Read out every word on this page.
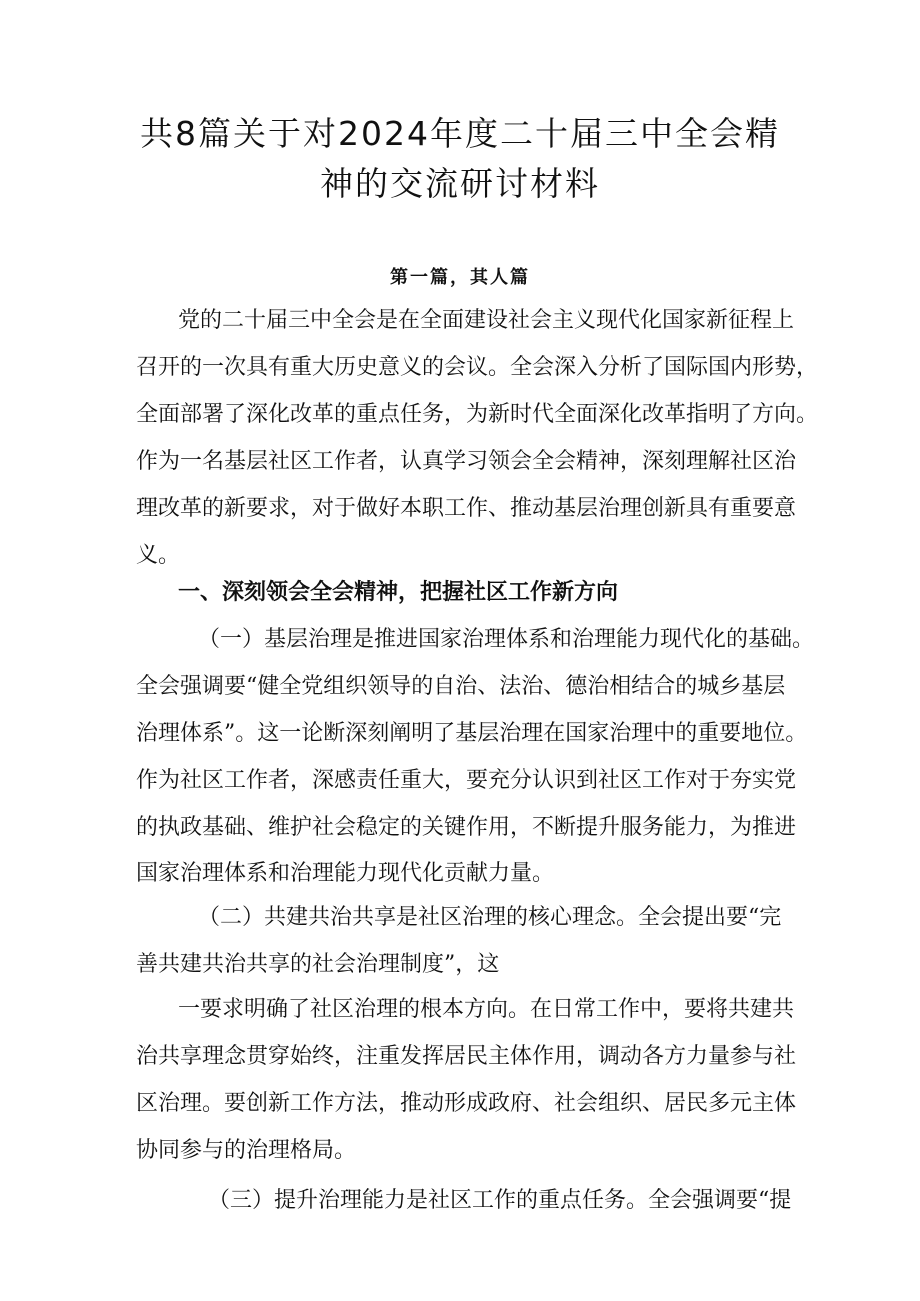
共8篇关于对2024年度二十届三中全会精
神的交流研讨材料
第一篇，其人篇

党的二十届三中全会是在全面建设社会主义现代化国家新征程上

召开的一次具有重大历史意义的会议。全会深入分析了国际国内形势，

全面部署了深化改革的重点任务，为新时代全面深化改革指明了方向。

作为一名基层社区工作者，认真学习领会全会精神，深刻理解社区治

理改革的新要求，对于做好本职工作、推动基层治理创新具有重要意

义。

一、深刻领会全会精神，把握社区工作新方向

（一）基层治理是推进国家治理体系和治理能力现代化的基础。

全会强调要“健全党组织领导的自治、法治、德治相结合的城乡基层

治理体系”。这一论断深刻阐明了基层治理在国家治理中的重要地位。

作为社区工作者，深感责任重大，要充分认识到社区工作对于夯实党

的执政基础、维护社会稳定的关键作用，不断提升服务能力，为推进

国家治理体系和治理能力现代化贡献力量。

（二）共建共治共享是社区治理的核心理念。全会提出要“完

善共建共治共享的社会治理制度”，这

一要求明确了社区治理的根本方向。在日常工作中，要将共建共

治共享理念贯穿始终，注重发挥居民主体作用，调动各方力量参与社

区治理。要创新工作方法，推动形成政府、社会组织、居民多元主体

协同参与的治理格局。

（三）提升治理能力是社区工作的重点任务。全会强调要“提
